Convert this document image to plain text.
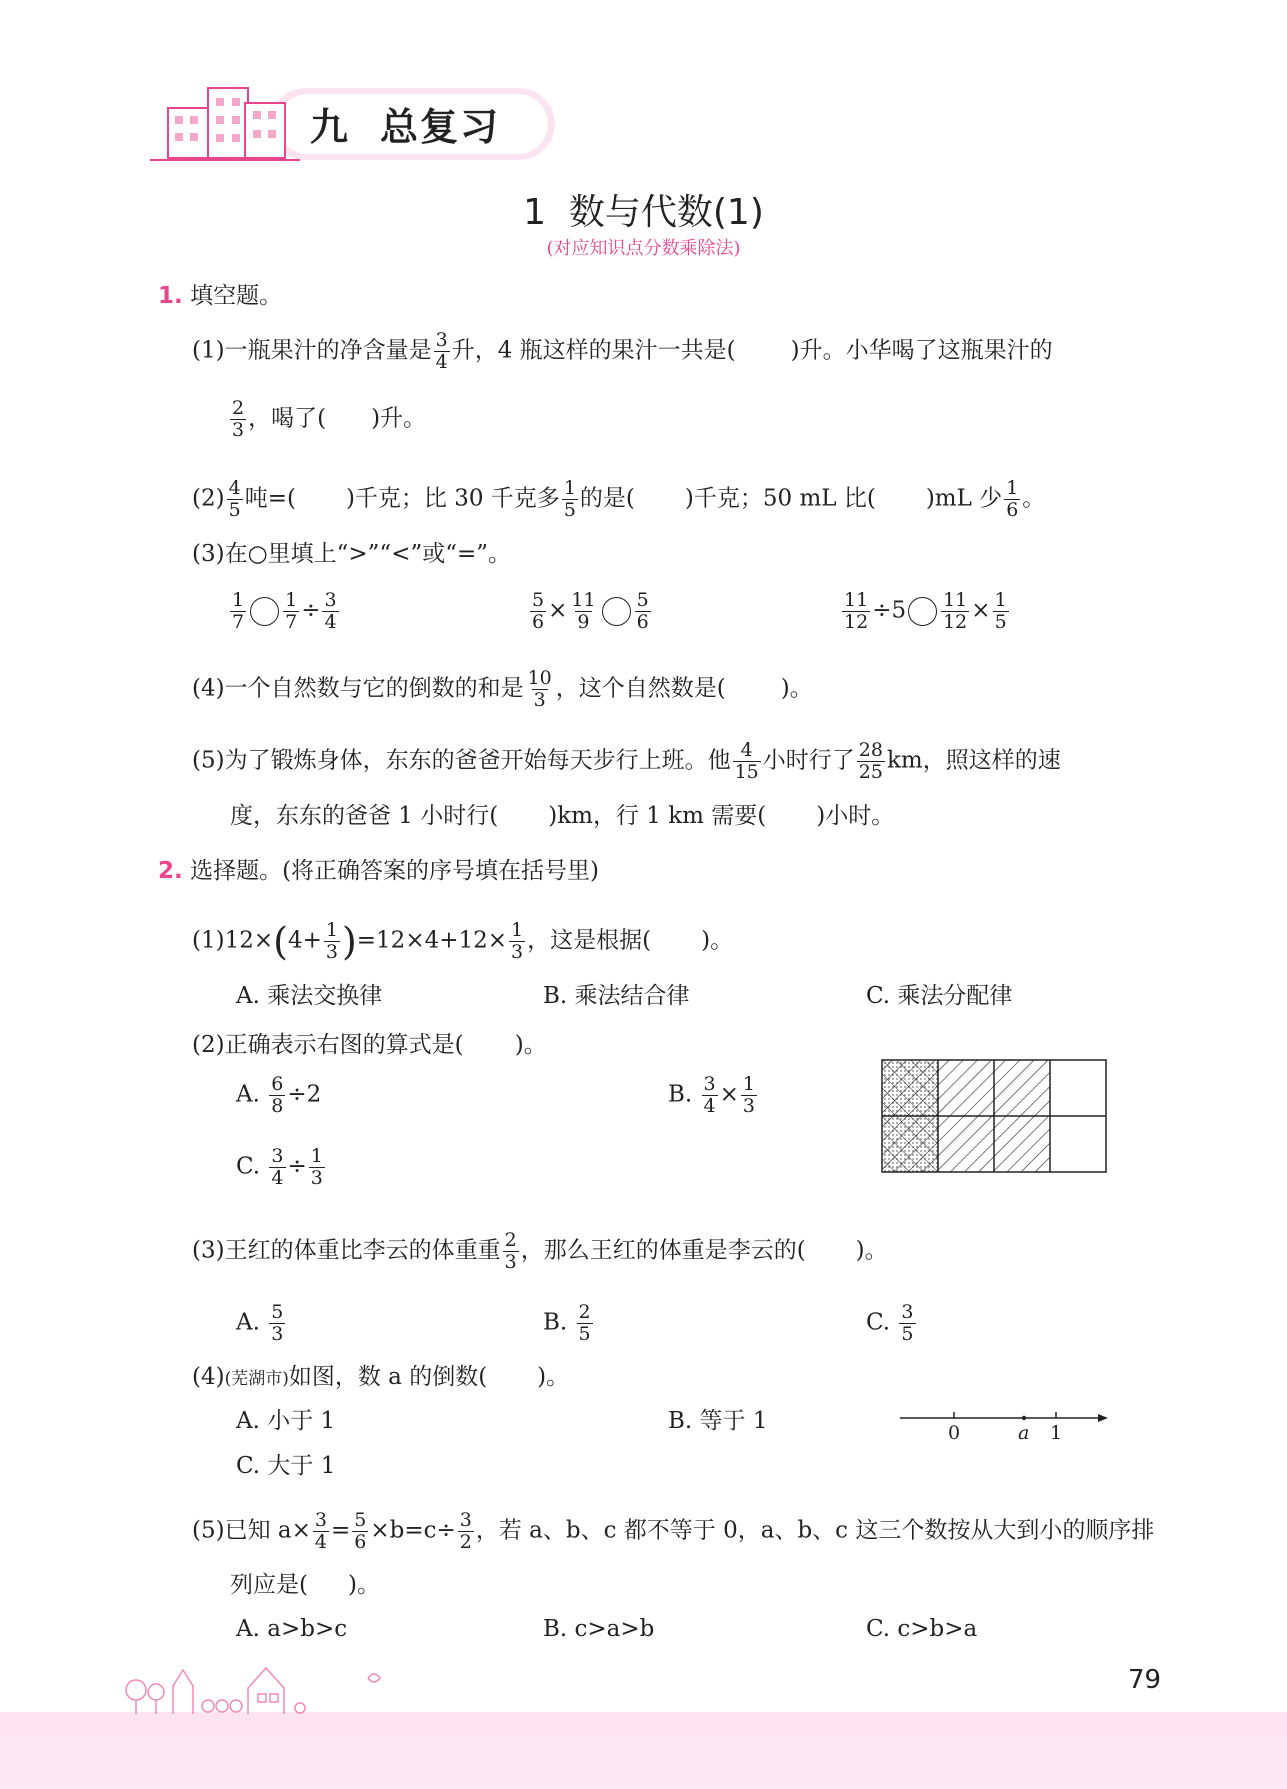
九 总复习
1  数与代数(1)
(对应知识点分数乘除法)
1. 填空题。
(1)一瓶果汁的净含量是 $\frac{3}{4}$ 升，4 瓶这样的果汁一共是( )升。小华喝了这瓶果汁的
$\frac{2}{3}$ ，喝了( )升。
$(2) \frac{4}{5}$ 吨=( )千克；比 30 千克多 $\frac{1}{5}$ 的是( )千克；50 mL 比( )mL 少 $\frac{1}{6}$ 。
(3)在○里填上“>”“<”或“=”。
$\frac{1}{7} \frac{1}{7} \div \frac{3}{4}$	$\frac{5}{6} \times \frac{11}{9} \frac{5}{6}$	$\frac{11}{12} \div 5 \frac{11}{12} \times \frac{1}{5}$
(4)一个自然数与它的倒数的和是 $\frac{10}{3}$ ，这个自然数是( )。
(5)为了锻炼身体，东东的爸爸开始每天步行上班。他 $\frac{4}{15}$ 小时行了 $\frac{28}{25}$ km，照这样的速
度，东东的爸爸 1 小时行( )km，行 1 km 需要( )小时。
2. 选择题。(将正确答案的序号填在括号里)
$(1)12\times(4+ \frac{1}{3} )=12\times 4+12\times \frac{1}{3}$ ，这是根据( )。
A. 乘法交换律	B. 乘法结合律	C. 乘法分配律
(2)正确表示右图的算式是(       )。
A. $\frac{6}{8} \div 2$	B. $\frac{3}{4} \times \frac{1}{3}$
C. $\frac{3}{4} \div \frac{1}{3}$
(3)王红的体重比李云的体重重 $\frac{2}{3}$ ，那么王红的体重是李云的( )。
A. $\frac{5}{3}$	B. $\frac{2}{5}$	C. $\frac{3}{5}$
(4)(芜湖市)如图，数 a 的倒数( )。
A. 小于 1	B. 等于 1
C. 大于 1
0	a 1
(5)已知 $a\times \frac{3}{4} = \frac{5}{6} \times b=c\div \frac{3}{2}$ ，若 a、b、c 都不等于 0，a、b、c 这三个数按从大到小的顺序排
列应是( )。
A. a>b>c	B. c>a>b	C. c>b>a
79
